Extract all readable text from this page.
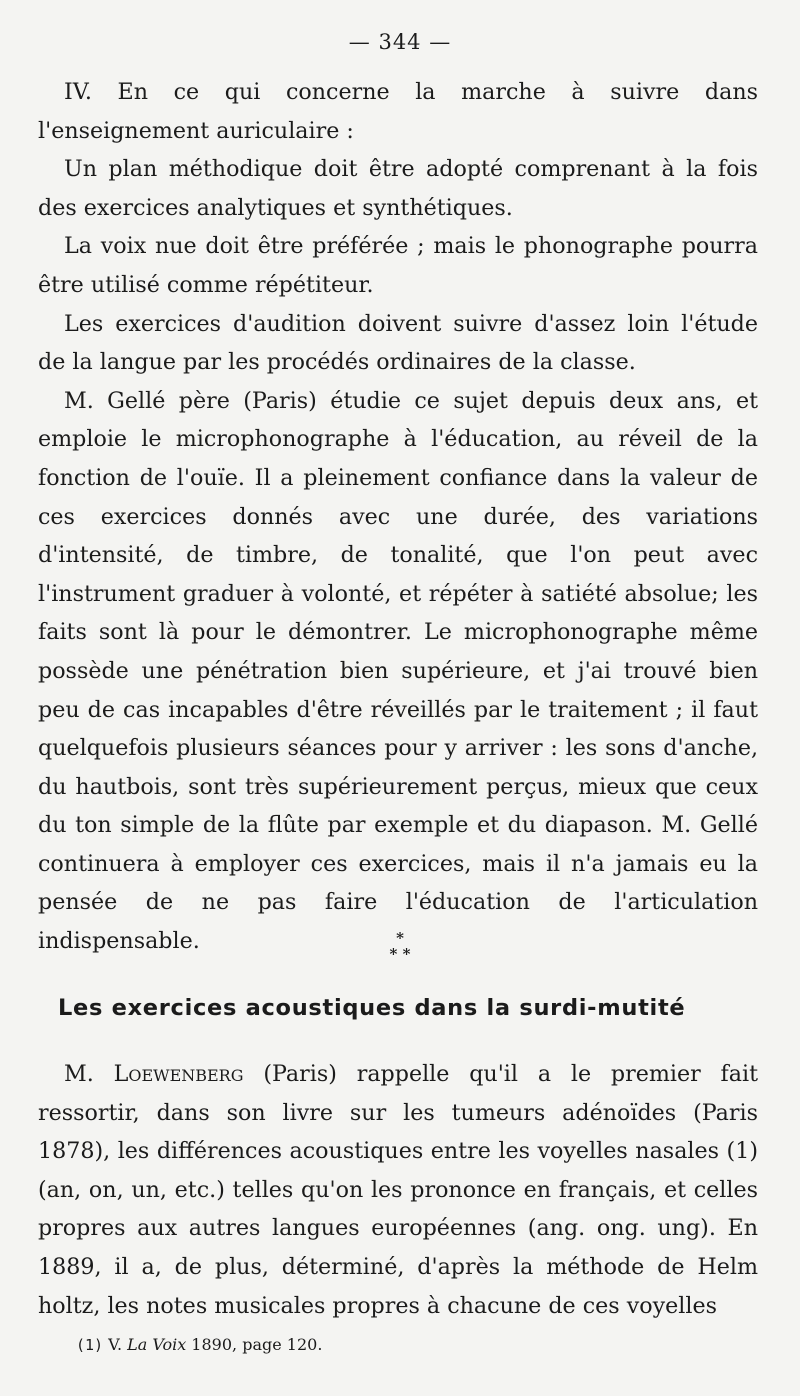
— 344 —

IV. En ce qui concerne la marche à suivre dans l'enseignement auriculaire :

Un plan méthodique doit être adopté comprenant à la fois des exercices analytiques et synthétiques.

La voix nue doit être préférée ; mais le phonographe pourra être utilisé comme répétiteur.

Les exercices d'audition doivent suivre d'assez loin l'étude de la langue par les procédés ordinaires de la classe.

M. Gellé père (Paris) étudie ce sujet depuis deux ans, et emploie le microphonographe à l'éducation, au réveil de la fonction de l'ouïe. Il a pleinement confiance dans la valeur de ces exercices donnés avec une durée, des variations d'intensité, de timbre, de tonalité, que l'on peut avec l'instrument graduer à volonté, et répéter à satiété absolue; les faits sont là pour le démontrer. Le microphonographe même possède une pénétration bien supérieure, et j'ai trouvé bien peu de cas incapables d'être réveillés par le traitement ; il faut quelquefois plusieurs séances pour y arriver : les sons d'anche, du hautbois, sont très supérieurement perçus, mieux que ceux du ton simple de la flûte par exemple et du diapason. M. Gellé continuera à employer ces exercices, mais il n'a jamais eu la pensée de ne pas faire l'éducation de l'articulation indispensable.	*
* *
Les exercices acoustiques dans la surdi-mutité

M. Loewenberg (Paris) rappelle qu'il a le premier fait ressortir, dans son livre sur les tumeurs adénoïdes (Paris 1878), les différences acoustiques entre les voyelles nasales (1) (an, on, un, etc.) telles qu'on les prononce en français, et celles propres aux autres langues européennes (ang. ong. ung). En 1889, il a, de plus, déterminé, d'après la méthode de Helm holtz, les notes musicales propres à chacune de ces voyelles

(1) V. La Voix 1890, page 120.
